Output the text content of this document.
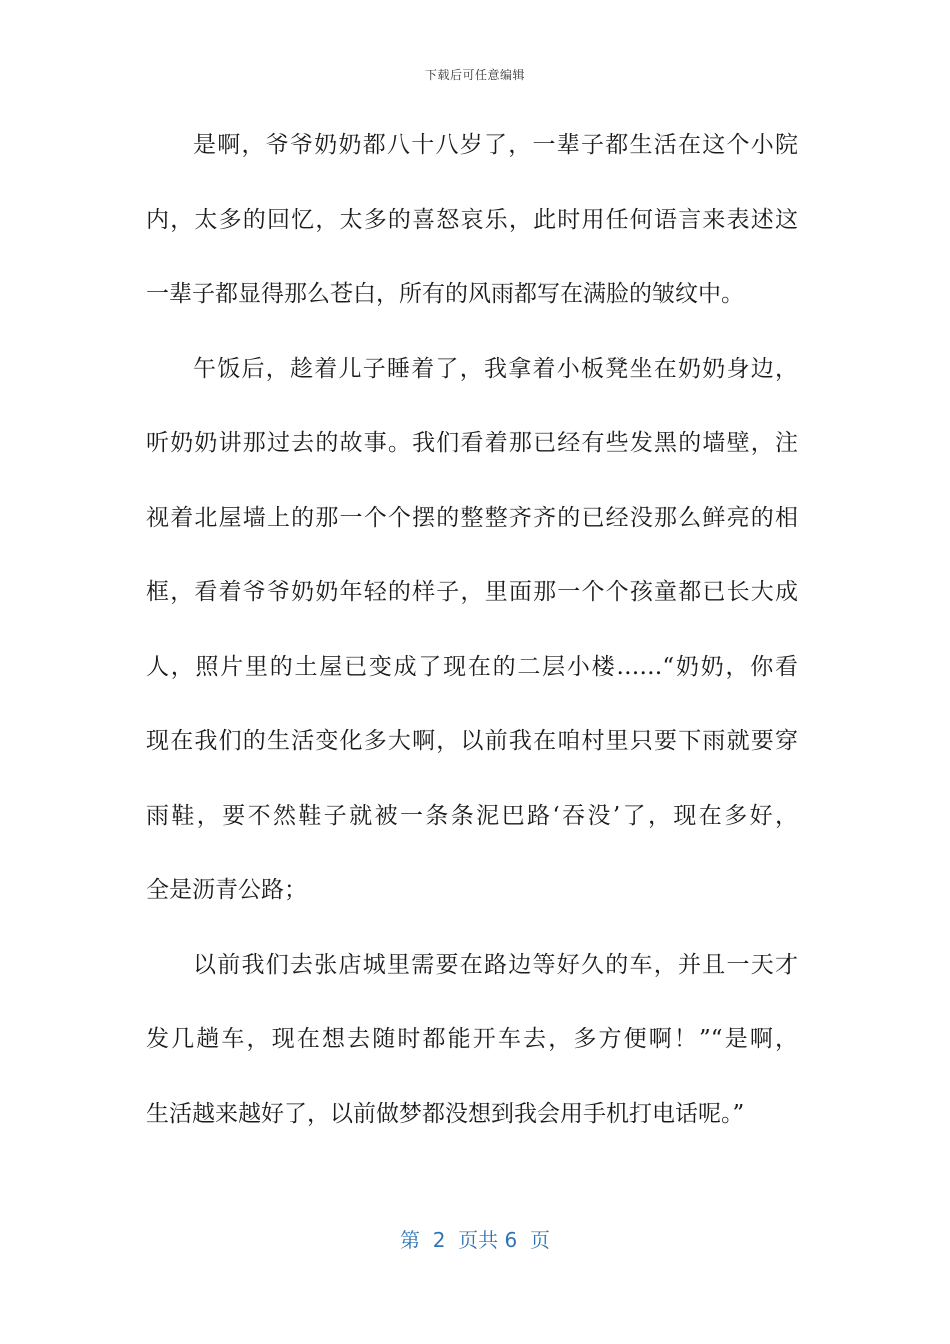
下载后可任意编辑
是啊，爷爷奶奶都八十八岁了，一辈子都生活在这个小院
内，太多的回忆，太多的喜怒哀乐，此时用任何语言来表述这
一辈子都显得那么苍白，所有的风雨都写在满脸的皱纹中。
午饭后，趁着儿子睡着了，我拿着小板凳坐在奶奶身边，
听奶奶讲那过去的故事。我们看着那已经有些发黑的墙壁，注
视着北屋墙上的那一个个摆的整整齐齐的已经没那么鲜亮的相
框，看着爷爷奶奶年轻的样子，里面那一个个孩童都已长大成
人，照片里的土屋已变成了现在的二层小楼……“奶奶，你看
现在我们的生活变化多大啊，以前我在咱村里只要下雨就要穿
雨鞋，要不然鞋子就被一条条泥巴路‘吞没’了，现在多好，
全是沥青公路；
以前我们去张店城里需要在路边等好久的车，并且一天才
发几趟车，现在想去随时都能开车去，多方便啊！”“是啊，
生活越来越好了，以前做梦都没想到我会用手机打电话呢。”
第 2 页共 6 页
